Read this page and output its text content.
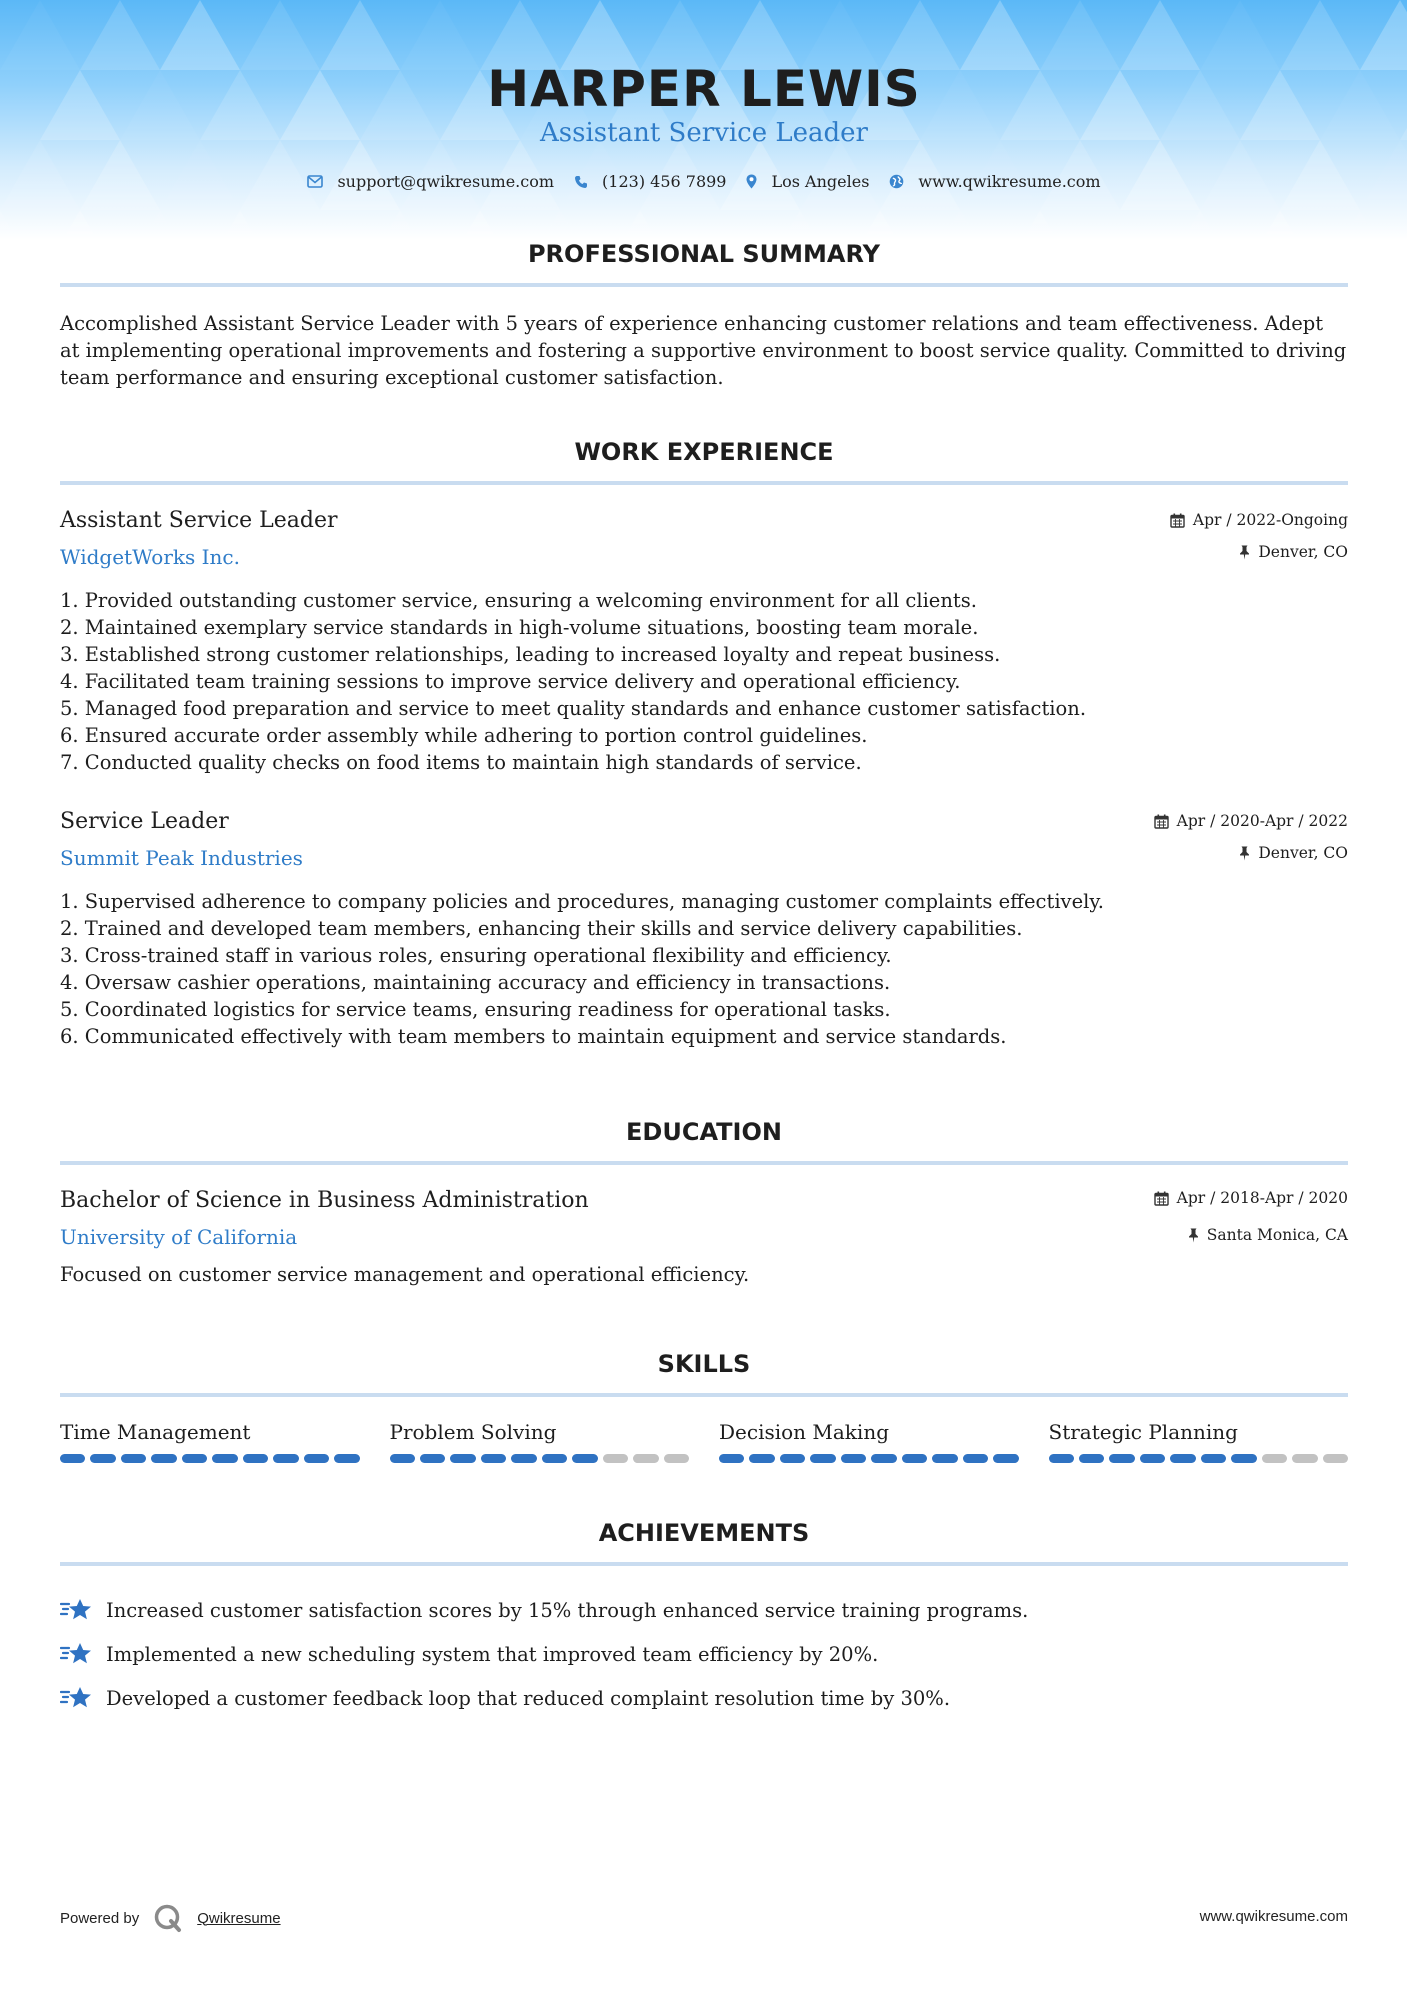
HARPER LEWIS
Assistant Service Leader
support@qwikresume.com	(123) 456 7899	Los Angeles	www.qwikresume.com
PROFESSIONAL SUMMARY
Accomplished Assistant Service Leader with 5 years of experience enhancing customer relations and team effectiveness. Adept at implementing operational improvements and fostering a supportive environment to boost service quality. Committed to driving team performance and ensuring exceptional customer satisfaction.
WORK EXPERIENCE
Assistant Service Leader
WidgetWorks Inc.
Apr / 2022-Ongoing
Denver, CO
1. Provided outstanding customer service, ensuring a welcoming environment for all clients.
2. Maintained exemplary service standards in high-volume situations, boosting team morale.
3. Established strong customer relationships, leading to increased loyalty and repeat business.
4. Facilitated team training sessions to improve service delivery and operational efficiency.
5. Managed food preparation and service to meet quality standards and enhance customer satisfaction.
6. Ensured accurate order assembly while adhering to portion control guidelines.
7. Conducted quality checks on food items to maintain high standards of service.
Service Leader
Summit Peak Industries
Apr / 2020-Apr / 2022
Denver, CO
1. Supervised adherence to company policies and procedures, managing customer complaints effectively.
2. Trained and developed team members, enhancing their skills and service delivery capabilities.
3. Cross-trained staff in various roles, ensuring operational flexibility and efficiency.
4. Oversaw cashier operations, maintaining accuracy and efficiency in transactions.
5. Coordinated logistics for service teams, ensuring readiness for operational tasks.
6. Communicated effectively with team members to maintain equipment and service standards.
EDUCATION
Bachelor of Science in Business Administration
University of California
Apr / 2018-Apr / 2020
Santa Monica, CA
Focused on customer service management and operational efficiency.
SKILLS
Time Management	Problem Solving	Decision Making	Strategic Planning
ACHIEVEMENTS
Increased customer satisfaction scores by 15% through enhanced service training programs.
Implemented a new scheduling system that improved team efficiency by 20%.
Developed a customer feedback loop that reduced complaint resolution time by 30%.
Powered by	Qwikresume	www.qwikresume.com
